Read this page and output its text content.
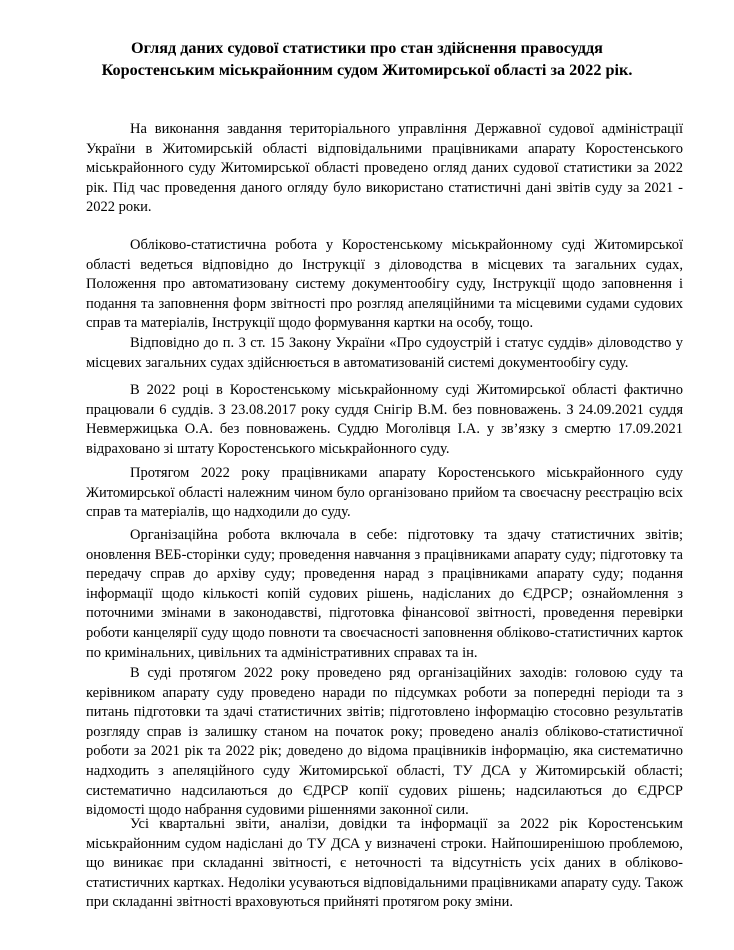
Огляд даних судової статистики про стан здійснення правосуддя
Коростенським міськрайонним судом Житомирської області за 2022 рік.

На виконання завдання територіального управління Державної судової адміністрації України в Житомирській області відповідальними працівниками апарату Коростенського міськрайонного суду Житомирської області проведено огляд даних судової статистики за 2022 рік. Під час проведення даного огляду було використано статистичні дані звітів суду за 2021 - 2022 роки.

Обліково-статистична робота у Коростенському міськрайонному суді Житомирської області ведеться відповідно до Інструкції з діловодства в місцевих та загальних судах, Положення про автоматизовану систему документообігу суду, Інструкції щодо заповнення і подання та заповнення форм звітності про розгляд апеляційними та місцевими судами судових справ та матеріалів, Інструкції щодо формування картки на особу, тощо.

Відповідно до п. 3 ст. 15 Закону України «Про судоустрій і статус суддів» діловодство у місцевих загальних судах здійснюється в автоматизованій системі документообігу суду.

В 2022 році в Коростенському міськрайонному суді Житомирської області фактично працювали 6 суддів. З 23.08.2017 року суддя Снігір В.М. без повноважень. З 24.09.2021 суддя Невмержицька О.А. без повноважень. Суддю Моголівця І.А. у зв’язку з смертю 17.09.2021 відраховано зі штату Коростенського міськрайонного суду.

Протягом 2022 року працівниками апарату Коростенського міськрайонного суду Житомирської області належним чином було організовано прийом та своєчасну реєстрацію всіх справ та матеріалів, що надходили до суду.

Організаційна робота включала в себе: підготовку та здачу статистичних звітів; оновлення ВЕБ-сторінки суду; проведення навчання з працівниками апарату суду; підготовку та передачу справ до архіву суду; проведення нарад з працівниками апарату суду; подання інформації щодо кількості копій судових рішень, надісланих до ЄДРСР; ознайомлення з поточними змінами в законодавстві, підготовка фінансової звітності, проведення перевірки роботи канцелярії суду щодо повноти та своєчасності заповнення обліково-статистичних карток по кримінальних, цивільних та адміністративних справах та ін.

В суді протягом 2022 року проведено ряд організаційних заходів: головою суду та керівником апарату суду проведено наради по підсумках роботи за попередні періоди та з питань підготовки та здачі статистичних звітів; підготовлено інформацію стосовно результатів розгляду справ із залишку станом на початок року; проведено аналіз обліково-статистичної роботи за 2021 рік та 2022 рік; доведено до відома працівників інформацію, яка систематично надходить з апеляційного суду Житомирської області, ТУ ДСА у Житомирській області; систематично надсилаються до ЄДРСР копії судових рішень; надсилаються до ЄДРСР відомості щодо набрання судовими рішеннями законної сили.

Усі квартальні звіти, аналізи, довідки та інформації за 2022 рік Коростенським міськрайонним судом надіслані до ТУ ДСА у визначені строки. Найпоширенішою проблемою, що виникає при складанні звітності, є неточності та відсутність усіх даних в обліково-статистичних картках. Недоліки усуваються відповідальними працівниками апарату суду. Також при складанні звітності враховуються прийняті протягом року зміни.
